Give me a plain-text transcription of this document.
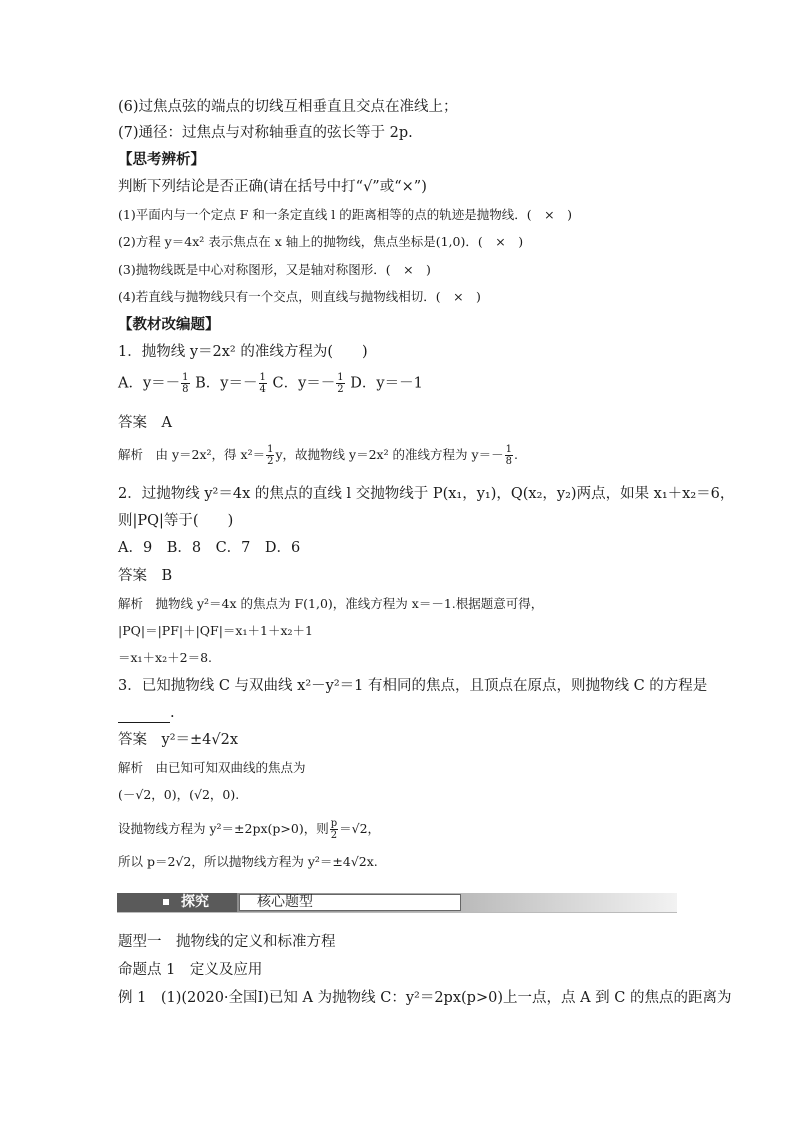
(6)过焦点弦的端点的切线互相垂直且交点在准线上；
(7)通径：过焦点与对称轴垂直的弦长等于 2p.
【思考辨析】
判断下列结论是否正确(请在括号中打“√”或“×”)
(1)平面内与一个定点 F 和一条定直线 l 的距离相等的点的轨迹是抛物线．(　×　)
(2)方程 y＝4x² 表示焦点在 x 轴上的抛物线，焦点坐标是(1,0)．(　×　)
(3)抛物线既是中心对称图形，又是轴对称图形．(　×　)
(4)若直线与抛物线只有一个交点，则直线与抛物线相切．(　×　)
【教材改编题】
1．抛物线 y＝2x² 的准线方程为(　　)
A．$y=- \frac{1}{8}$ B．$y=- \frac{1}{4}$ C．$y=- \frac{1}{2}$ D．y＝－1
答案　A
解析　由 y＝2x²，得 $x^2= \frac{1}{2}$ y，故抛物线 y＝2x² 的准线方程为 $y=- \frac{1}{8}$ .
2．过抛物线 y²＝4x 的焦点的直线 l 交抛物线于 P(x₁，y₁)，Q(x₂，y₂)两点，如果 x₁＋x₂＝6，
则|PQ|等于(　　)
A．9　B．8　C．7　D．6
答案　B
解析　抛物线 y²＝4x 的焦点为 F(1,0)，准线方程为 x＝－1.根据题意可得，
|PQ|＝|PF|＋|QF|＝x₁＋1＋x₂＋1
＝x₁＋x₂＋2＝8.
3．已知抛物线 C 与双曲线 x²－y²＝1 有相同的焦点，且顶点在原点，则抛物线 C 的方程是
.
答案　y²＝±4√2x
解析　由已知可知双曲线的焦点为
(－√2，0)，(√2，0).
设抛物线方程为 y²＝±2px(p>0)，则 $\frac{p}{2} =√2$，
所以 p＝2√2，所以抛物线方程为 y²＝±4√2x.
探究	核心题型
题型一　抛物线的定义和标准方程
命题点 1　定义及应用
例 1　(1)(2020·全国Ⅰ)已知 A 为抛物线 C：y²＝2px(p>0)上一点，点 A 到 C 的焦点的距离为
